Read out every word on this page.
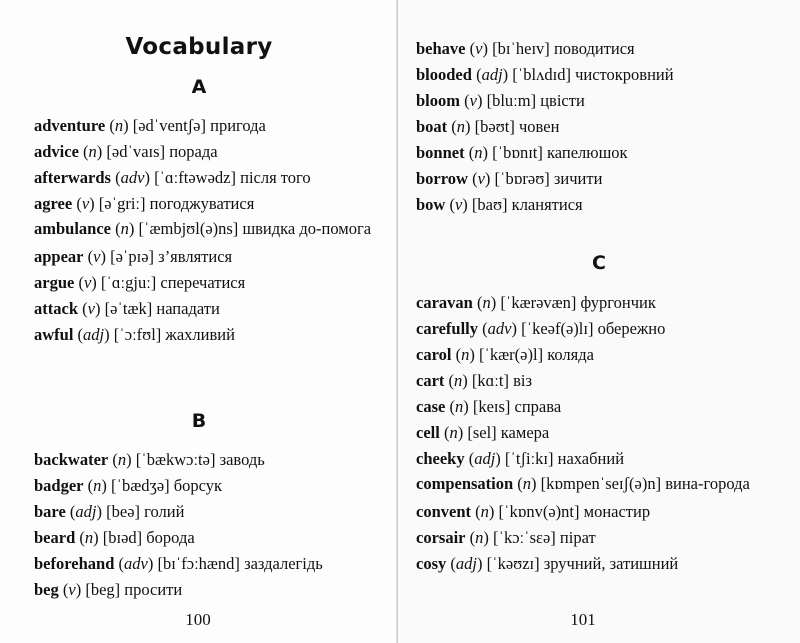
Vocabulary
A
adventure (n) [ədˈventʃə] пригода
advice (n) [ədˈvaɪs] порада
afterwards (adv) [ˈɑːftəwədz] після того
agree (v) [əˈgriː] погоджуватися
ambulance (n) [ˈæmbjʊl(ə)ns] швидка до-помога
appear (v) [əˈpɪə] з’являтися
argue (v) [ˈɑːgjuː] сперечатися
attack (v) [əˈtæk] нападати
awful (adj) [ˈɔːfʊl] жахливий
B
backwater (n) [ˈbækwɔːtə] заводь
badger (n) [ˈbædʒə] борсук
bare (adj) [beə] голий
beard (n) [bɪəd] борода
beforehand (adv) [bɪˈfɔːhænd] заздалегідь
beg (v) [beg] просити
100
behave (v) [bɪˈheɪv] поводитися
blooded (adj) [ˈblʌdɪd] чистокровний
bloom (v) [bluːm] цвісти
boat (n) [bəʊt] човен
bonnet (n) [ˈbɒnɪt] капелюшок
borrow (v) [ˈbɒrəʊ] зичити
bow (v) [baʊ] кланятися
C
caravan (n) [ˈkærəvæn] фургончик
carefully (adv) [ˈkeəf(ə)lɪ] обережно
carol (n) [ˈkær(ə)l] коляда
cart (n) [kɑːt] віз
case (n) [keɪs] справа
cell (n) [sel] камера
cheeky (adj) [ˈtʃiːkɪ] нахабний
compensation (n) [kɒmpenˈseɪʃ(ə)n] винa-городa
convent (n) [ˈkɒnv(ə)nt] монастир
corsair (n) [ˈkɔːˈsɛə] пірат
cosy (adj) [ˈkəʊzɪ] зручний, затишний
101
